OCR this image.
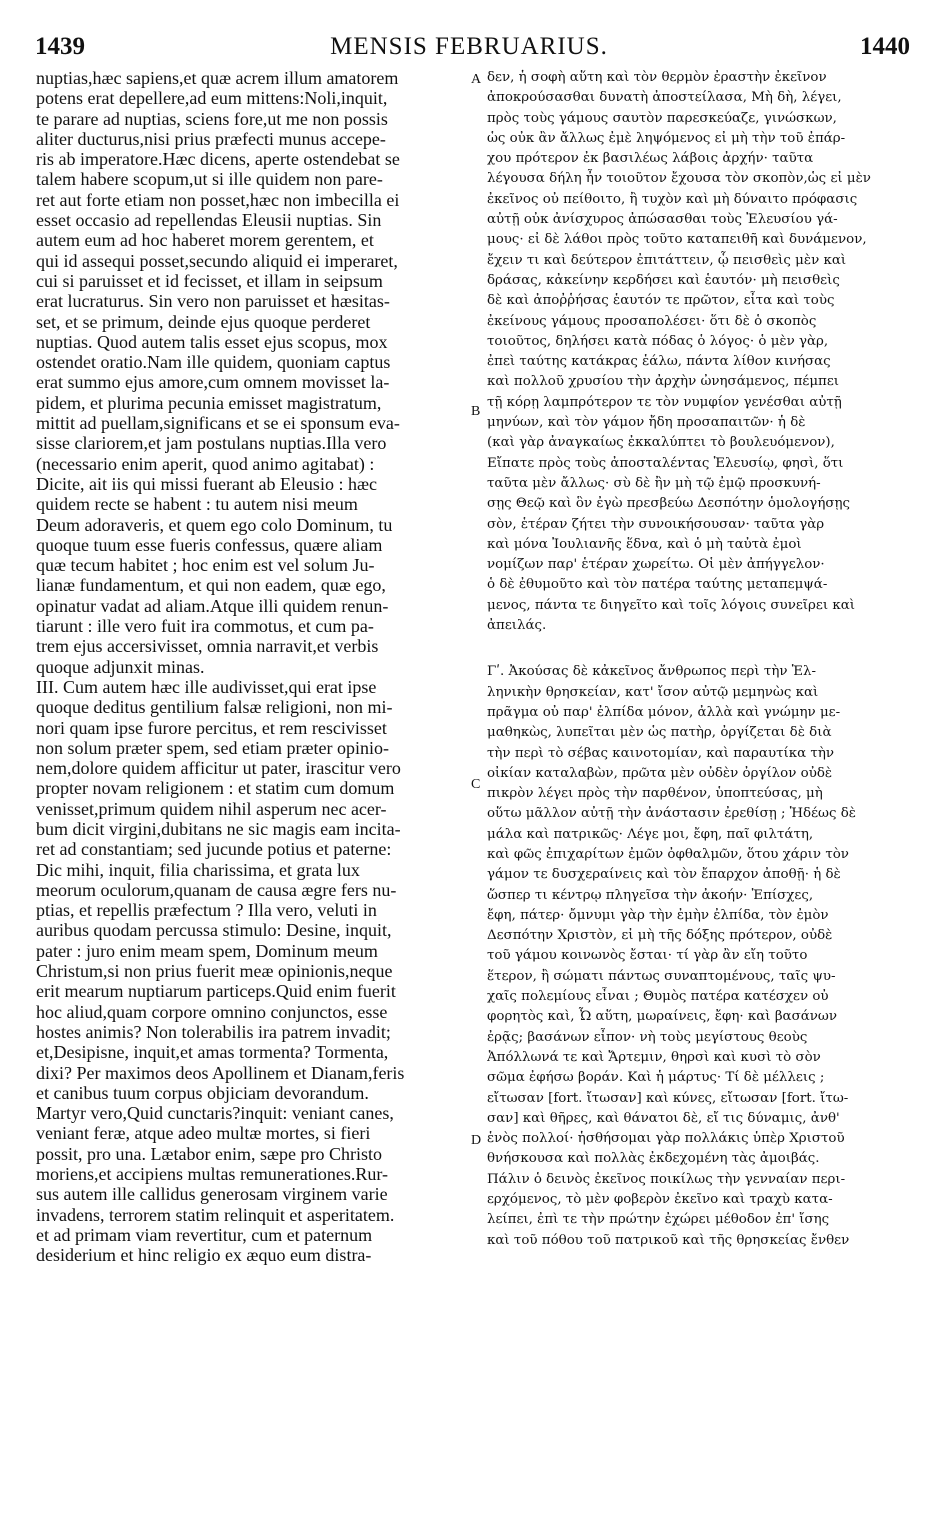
1439	MENSIS FEBRUARIUS.	1440
nuptias,hæc sapiens,et quæ acrem illum amatorem
potens erat depellere,ad eum mittens:Noli,inquit,
te parare ad nuptias, sciens fore,ut me non possis
aliter ducturus,nisi prius præfecti munus accepe-
ris ab imperatore.Hæc dicens, aperte ostendebat se
talem habere scopum,ut si ille quidem non pare-
ret aut forte etiam non posset,hæc non imbecilla ei
esset occasio ad repellendas Eleusii nuptias. Sin
autem eum ad hoc haberet morem gerentem, et
qui id assequi posset,secundo aliquid ei imperaret,
cui si paruisset et id fecisset, et illam in seipsum
erat lucraturus. Sin vero non paruisset et hæsitas-
set, et se primum, deinde ejus quoque perderet
nuptias. Quod autem talis esset ejus scopus, mox
ostendet oratio.Nam ille quidem, quoniam captus
erat summo ejus amore,cum omnem movisset la-
pidem, et plurima pecunia emisset magistratum,
mittit ad puellam,significans et se ei sponsum eva-
sisse clariorem,et jam postulans nuptias.Illa vero
(necessario enim aperit, quod animo agitabat) :
Dicite, ait iis qui missi fuerant ab Eleusio : hæc
quidem recte se habent : tu autem nisi meum
Deum adoraveris, et quem ego colo Dominum, tu
quoque tuum esse fueris confessus, quære aliam
quæ tecum habitet ; hoc enim est vel solum Ju-
lianæ fundamentum, et qui non eadem, quæ ego,
opinatur vadat ad aliam.Atque illi quidem renun-
tiarunt : ille vero fuit ira commotus, et cum pa-
trem ejus accersivisset, omnia narravit,et verbis
quoque adjunxit minas.
III. Cum autem hæc ille audivisset,qui erat ipse
quoque deditus gentilium falsæ religioni, non mi-
nori quam ipse furore percitus, et rem rescivisset
non solum præter spem, sed etiam præter opinio-
nem,dolore quidem afficitur ut pater, irascitur vero
propter novam religionem : et statim cum domum
venisset,primum quidem nihil asperum nec acer-
bum dicit virgini,dubitans ne sic magis eam incita-
ret ad constantiam; sed jucunde potius et paterne:
Dic mihi, inquit, filia charissima, et grata lux
meorum oculorum,quanam de causa ægre fers nu-
ptias, et repellis præfectum ? Illa vero, veluti in
auribus quodam percussa stimulo: Desine, inquit,
pater : juro enim meam spem, Dominum meum
Christum,si non prius fuerit meæ opinionis,neque
erit mearum nuptiarum particeps.Quid enim fuerit
hoc aliud,quam corpore omnino conjunctos, esse
hostes animis? Non tolerabilis ira patrem invadit;
et,Desipisne, inquit,et amas tormenta? Tormenta,
dixi? Per maximos deos Apollinem et Dianam,feris
et canibus tuum corpus objiciam devorandum.
Martyr vero,Quid cunctaris?inquit: veniant canes,
veniant feræ, atque adeo multæ mortes, si fieri
possit, pro una. Lætabor enim, sæpe pro Christo
moriens,et accipiens multas remunerationes.Rur-
sus autem ille callidus generosam virginem varie
invadens, terrorem statim relinquit et asperitatem.
et ad primam viam revertitur, cum et paternum
desiderium et hinc religio ex æquo eum distra-
δεν, ἡ σοφὴ αὕτη καὶ τὸν θερμὸν ἐραστὴν ἐκεῖνον
ἀποκρούσασθαι δυνατὴ ἀποστείλασα, Μὴ δὴ, λέγει,
πρὸς τοὺς γάμους σαυτὸν παρεσκεύαζε, γινώσκων,
ὡς οὐκ ἂν ἄλλως ἐμὲ ληψόμενος εἰ μὴ τὴν τοῦ ἐπάρ-
χου πρότερον ἐκ βασιλέως λάβοις ἀρχήν· ταῦτα
λέγουσα δήλη ἦν τοιοῦτον ἔχουσα τὸν σκοπὸν,ὡς εἰ μὲν
ἐκεῖνος οὐ πείθοιτο, ἢ τυχὸν καὶ μὴ δύναιτο πρόφασις
αὐτῇ οὐκ ἀνίσχυρος ἀπώσασθαι τοὺς Ἐλευσίου γά-
μους· εἰ δὲ λάθοι πρὸς τοῦτο καταπειθῆ καὶ δυνάμενον,
ἔχειν τι καὶ δεύτερον ἐπιτάττειν, ᾧ πεισθεὶς μὲν καὶ
δράσας, κἀκείνην κερδήσει καὶ ἑαυτόν· μὴ πεισθεὶς
δὲ καὶ ἀποῤῥήσας ἑαυτόν τε πρῶτον, εἶτα καὶ τοὺς
ἐκείνους γάμους προσαπολέσει· ὅτι δὲ ὁ σκοπὸς
τοιοῦτος, δηλήσει κατὰ πόδας ὁ λόγος· ὁ μὲν γὰρ,
ἐπεὶ ταύτης κατάκρας ἑάλω, πάντα λίθον κινήσας
καὶ πολλοῦ χρυσίου τὴν ἀρχὴν ὠνησάμενος, πέμπει
τῇ κόρῃ λαμπρότερον τε τὸν νυμφίον γενέσθαι αὐτῇ
μηνύων, καὶ τὸν γάμον ἤδη προσαπαιτῶν· ἡ δὲ
(καὶ γὰρ ἀναγκαίως ἐκκαλύπτει τὸ βουλευόμενον),
Εἴπατε πρὸς τοὺς ἀποσταλέντας Ἐλευσίῳ, φησὶ, ὅτι
ταῦτα μὲν ἄλλως· σὺ δὲ ἢν μὴ τῷ ἐμῷ προσκυνή-
σῃς Θεῷ καὶ ὃν ἐγὼ πρεσβεύω Δεσπότην ὁμολογήσῃς
σὸν, ἑτέραν ζήτει τὴν συνοικήσουσαν· ταῦτα γὰρ
καὶ μόνα Ἰουλιανῆς ἕδνα, καὶ ὁ μὴ ταὐτὰ ἐμοὶ
νομίζων παρ' ἑτέραν χωρείτω. Οἱ μὲν ἀπήγγελον·
ὁ δὲ ἐθυμοῦτο καὶ τὸν πατέρα ταύτης μεταπεμψά-
μενος, πάντα τε διηγεῖτο καὶ τοῖς λόγοις συνεῖρει καὶ
ἀπειλάς.
Γʹ. Ἀκούσας δὲ κἀκεῖνος ἄνθρωπος περὶ τὴν Ἑλ-
ληνικὴν θρησκείαν, κατ' ἴσον αὐτῷ μεμηνὼς καὶ
πρᾶγμα οὐ παρ' ἐλπίδα μόνον, ἀλλὰ καὶ γνώμην με-
μαθηκὼς, λυπεῖται μὲν ὡς πατὴρ, ὀργίζεται δὲ διὰ
τὴν περὶ τὸ σέβας καινοτομίαν, καὶ παραυτίκα τὴν
οἰκίαν καταλαβὼν, πρῶτα μὲν οὐδὲν ὀργίλον οὐδὲ
πικρὸν λέγει πρὸς τὴν παρθένον, ὑποπτεύσας, μὴ
οὕτω μᾶλλον αὐτῇ τὴν ἀνάστασιν ἐρεθίσῃ ; Ἡδέως δὲ
μάλα καὶ πατρικῶς· Λέγε μοι, ἔφη, παῖ φιλτάτη,
καὶ φῶς ἐπιχαρίτων ἐμῶν ὀφθαλμῶν, ὅτου χάριν τὸν
γάμον τε δυσχεραίνεις καὶ τὸν ἔπαρχον ἀποθῇ· ἡ δὲ
ὥσπερ τι κέντρῳ πληγεῖσα τὴν ἀκοήν· Ἐπίσχες,
ἔφη, πάτερ· ὄμνυμι γὰρ τὴν ἐμὴν ἐλπίδα, τὸν ἐμὸν
Δεσπότην Χριστὸν, εἰ μὴ τῆς δόξης πρότερον, οὐδὲ
τοῦ γάμου κοινωνὸς ἔσται· τί γὰρ ἂν εἴη τοῦτο
ἕτερον, ἢ σώματι πάντως συναπτομένους, ταῖς ψυ-
χαῖς πολεμίους εἶναι ; Θυμὸς πατέρα κατέσχεν οὐ
φορητὸς καὶ, Ὦ αὕτη, μωραίνεις, ἔφη· καὶ βασάνων
ἐρᾷς; βασάνων εἶπον· νὴ τοὺς μεγίστους θεοὺς
Ἀπόλλωνά τε καὶ Ἄρτεμιν, θηρσὶ καὶ κυσὶ τὸ σὸν
σῶμα ἐφήσω βοράν. Καὶ ἡ μάρτυς· Τί δὲ μέλλεις ;
εἴτωσαν [fort. ἴτωσαν] καὶ κύνες, εἴτωσαν [fort. ἴτω-
σαν] καὶ θῆρες, καὶ θάνατοι δὲ, εἴ τις δύναμις, ἀνθ'
ἑνὸς πολλοί· ἡσθήσομαι γὰρ πολλάκις ὑπὲρ Χριστοῦ
θνήσκουσα καὶ πολλὰς ἐκδεχομένη τὰς ἀμοιβάς.
Πάλιν ὁ δεινὸς ἐκεῖνος ποικίλως τὴν γενναίαν περι-
ερχόμενος, τὸ μὲν φοβερὸν ἐκεῖνο καὶ τραχὺ κατα-
λείπει, ἐπὶ τε τὴν πρώτην ἐχώρει μέθοδον ἐπ' ἴσης
καὶ τοῦ πόθου τοῦ πατρικοῦ καὶ τῆς θρησκείας ἔνθεν
A
B
C
D
